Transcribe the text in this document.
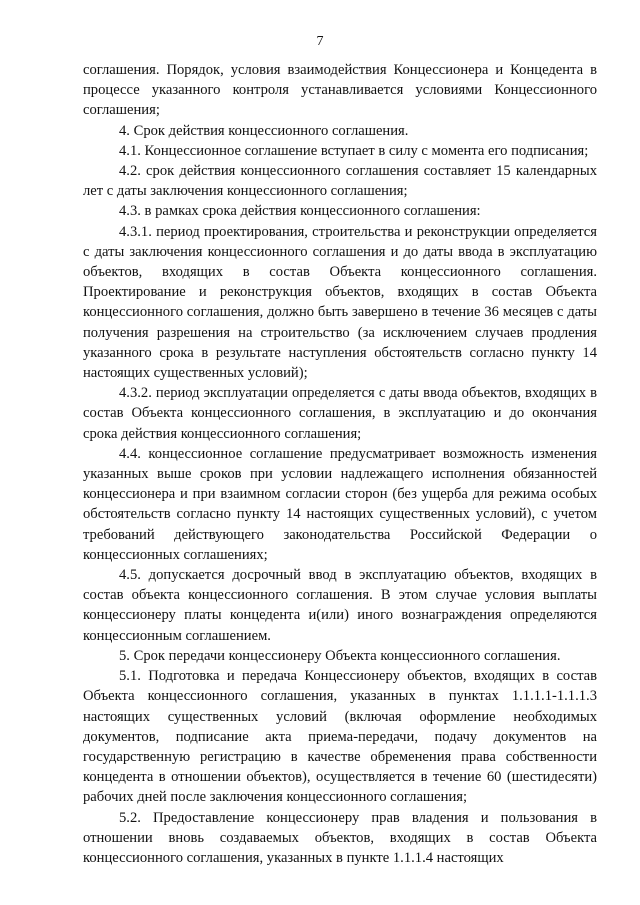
7

соглашения. Порядок, условия взаимодействия Концессионера и Концедента в процессе указанного контроля устанавливается условиями Концессионного соглашения;

4. Срок действия концессионного соглашения.

4.1. Концессионное соглашение вступает в силу с момента его подписания;

4.2. срок действия концессионного соглашения составляет 15 календарных лет с даты заключения концессионного соглашения;

4.3. в рамках срока действия концессионного соглашения:

4.3.1. период проектирования, строительства и реконструкции определяется с даты заключения концессионного соглашения и до даты ввода в эксплуатацию объектов, входящих в состав Объекта концессионного соглашения. Проектирование и реконструкция объектов, входящих в состав Объекта концессионного соглашения, должно быть завершено в течение 36 месяцев с даты получения разрешения на строительство (за исключением случаев продления указанного срока в результате наступления обстоятельств согласно пункту 14 настоящих существенных условий);

4.3.2. период эксплуатации определяется с даты ввода объектов, входящих в состав Объекта концессионного соглашения, в эксплуатацию и до окончания срока действия концессионного соглашения;

4.4. концессионное соглашение предусматривает возможность изменения указанных выше сроков при условии надлежащего исполнения обязанностей концессионера и при взаимном согласии сторон (без ущерба для режима особых обстоятельств согласно пункту 14 настоящих существенных условий), с учетом требований действующего законодательства Российской Федерации о концессионных соглашениях;

4.5. допускается досрочный ввод в эксплуатацию объектов, входящих в состав объекта концессионного соглашения. В этом случае условия выплаты концессионеру платы концедента и(или) иного вознаграждения определяются концессионным соглашением.

5. Срок передачи концессионеру Объекта концессионного соглашения.

5.1. Подготовка и передача Концессионеру объектов, входящих в состав Объекта концессионного соглашения, указанных в пунктах 1.1.1.1-1.1.1.3 настоящих существенных условий (включая оформление необходимых документов, подписание акта приема-передачи, подачу документов на государственную регистрацию в качестве обременения права собственности концедента в отношении объектов), осуществляется в течение 60 (шестидесяти) рабочих дней после заключения концессионного соглашения;

5.2. Предоставление концессионеру прав владения и пользования в отношении вновь создаваемых объектов, входящих в состав Объекта концессионного соглашения, указанных в пункте 1.1.1.4 настоящих
